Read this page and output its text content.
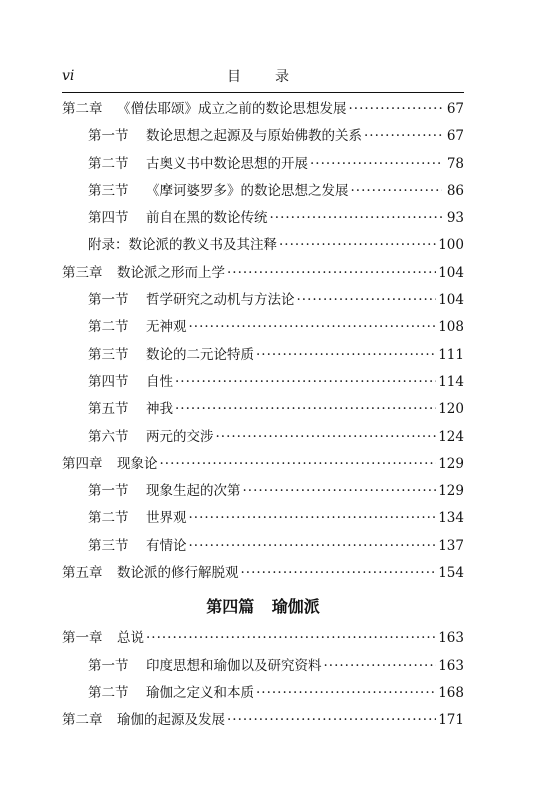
vi	目　录
第二章	《僧佉耶颂》成立之前的数论思想发展 ·····	67
第一节	数论思想之起源及与原始佛教的关系 ·····	67
第二节	古奥义书中数论思想的开展 ·····	78
第三节	《摩诃婆罗多》的数论思想之发展 ·····	86
第四节	前自在黑的数论传统 ·····	93
附录：数论派的教义书及其注释 ·····	100
第三章	数论派之形而上学 ·····	104
第一节	哲学研究之动机与方法论 ·····	104
第二节	无神观 ·····	108
第三节	数论的二元论特质 ·····	111
第四节	自性 ·····	114
第五节	神我 ·····	120
第六节	两元的交涉 ·····	124
第四章	现象论 ·····	129
第一节	现象生起的次第 ·····	129
第二节	世界观 ·····	134
第三节	有情论 ·····	137
第五章	数论派的修行解脱观 ·····	154
第四篇 瑜伽派
第一章	总说 ·····	163
第一节	印度思想和瑜伽以及研究资料 ·····	163
第二节	瑜伽之定义和本质 ·····	168
第二章	瑜伽的起源及发展 ·····	171
